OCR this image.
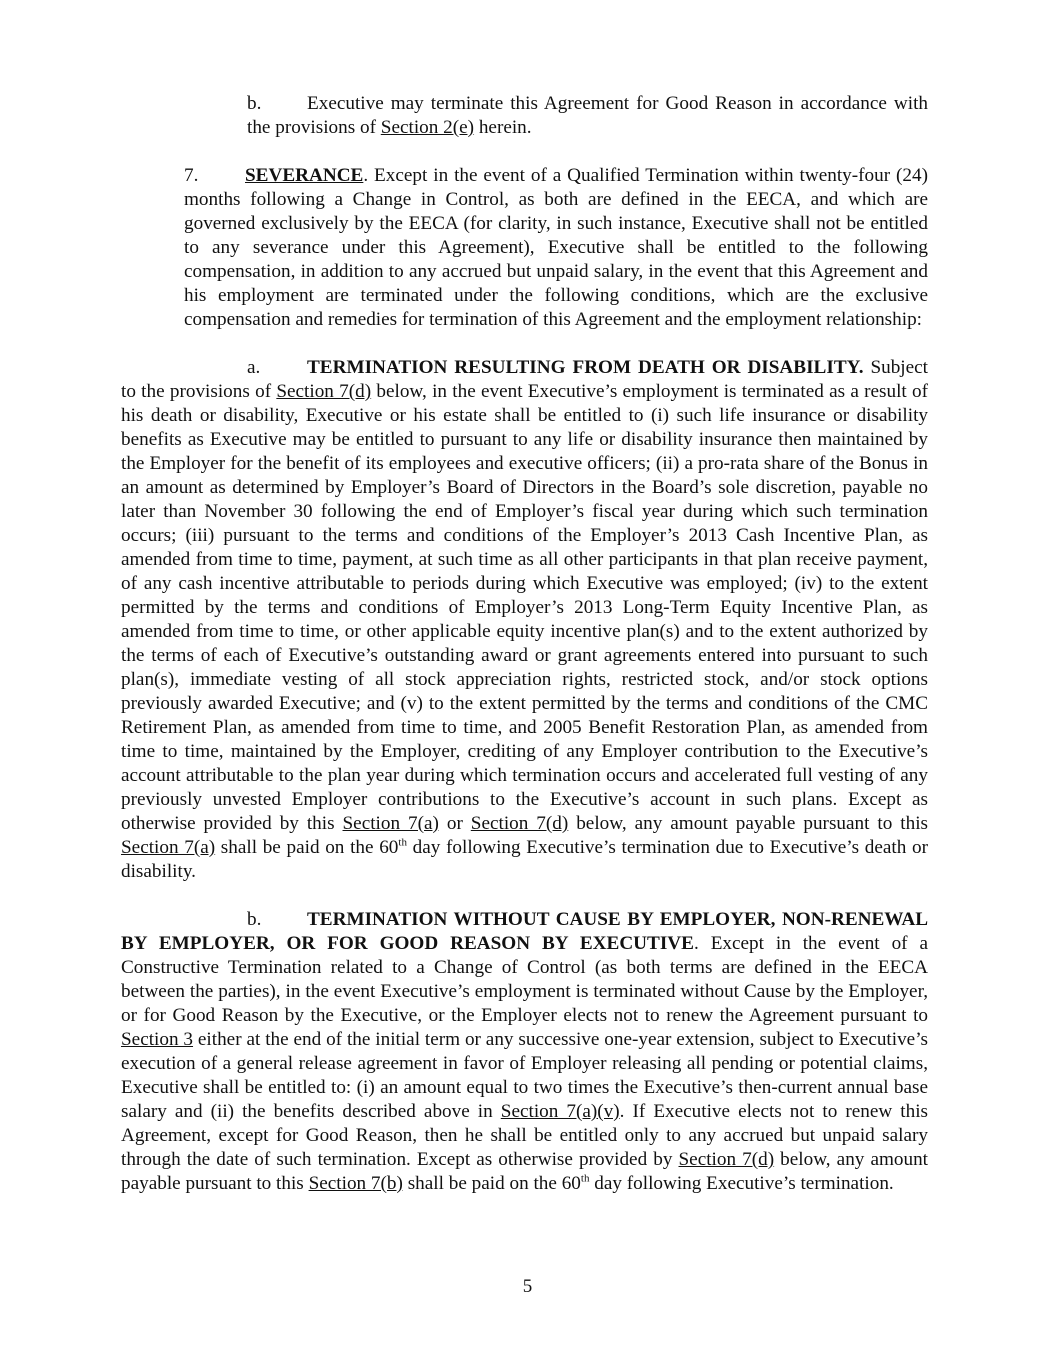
b. Executive may terminate this Agreement for Good Reason in accordance with the provisions of Section 2(e) herein.

7. SEVERANCE. Except in the event of a Qualified Termination within twenty-four (24) months following a Change in Control, as both are defined in the EECA, and which are governed exclusively by the EECA (for clarity, in such instance, Executive shall not be entitled to any severance under this Agreement), Executive shall be entitled to the following compensation, in addition to any accrued but unpaid salary, in the event that this Agreement and his employment are terminated under the following conditions, which are the exclusive compensation and remedies for termination of this Agreement and the employment relationship:

a. TERMINATION RESULTING FROM DEATH OR DISABILITY. Subject to the provisions of Section 7(d) below, in the event Executive’s employment is terminated as a result of his death or disability, Executive or his estate shall be entitled to (i) such life insurance or disability benefits as Executive may be entitled to pursuant to any life or disability insurance then maintained by the Employer for the benefit of its employees and executive officers; (ii) a pro-rata share of the Bonus in an amount as determined by Employer’s Board of Directors in the Board’s sole discretion, payable no later than November 30 following the end of Employer’s fiscal year during which such termination occurs; (iii) pursuant to the terms and conditions of the Employer’s 2013 Cash Incentive Plan, as amended from time to time, payment, at such time as all other participants in that plan receive payment, of any cash incentive attributable to periods during which Executive was employed; (iv) to the extent permitted by the terms and conditions of Employer’s 2013 Long-Term Equity Incentive Plan, as amended from time to time, or other applicable equity incentive plan(s) and to the extent authorized by the terms of each of Executive’s outstanding award or grant agreements entered into pursuant to such plan(s), immediate vesting of all stock appreciation rights, restricted stock, and/or stock options previously awarded Executive; and (v) to the extent permitted by the terms and conditions of the CMC Retirement Plan, as amended from time to time, and 2005 Benefit Restoration Plan, as amended from time to time, maintained by the Employer, crediting of any Employer contribution to the Executive’s account attributable to the plan year during which termination occurs and accelerated full vesting of any previously unvested Employer contributions to the Executive’s account in such plans. Except as otherwise provided by this Section 7(a) or Section 7(d) below, any amount payable pursuant to this Section 7(a) shall be paid on the 60th day following Executive’s termination due to Executive’s death or disability.

b. TERMINATION WITHOUT CAUSE BY EMPLOYER, NON-RENEWAL BY EMPLOYER, OR FOR GOOD REASON BY EXECUTIVE. Except in the event of a Constructive Termination related to a Change of Control (as both terms are defined in the EECA between the parties), in the event Executive’s employment is terminated without Cause by the Employer, or for Good Reason by the Executive, or the Employer elects not to renew the Agreement pursuant to Section 3 either at the end of the initial term or any successive one-year extension, subject to Executive’s execution of a general release agreement in favor of Employer releasing all pending or potential claims, Executive shall be entitled to: (i) an amount equal to two times the Executive’s then-current annual base salary and (ii) the benefits described above in Section 7(a)(v). If Executive elects not to renew this Agreement, except for Good Reason, then he shall be entitled only to any accrued but unpaid salary through the date of such termination. Except as otherwise provided by Section 7(d) below, any amount payable pursuant to this Section 7(b) shall be paid on the 60th day following Executive’s termination.

5
